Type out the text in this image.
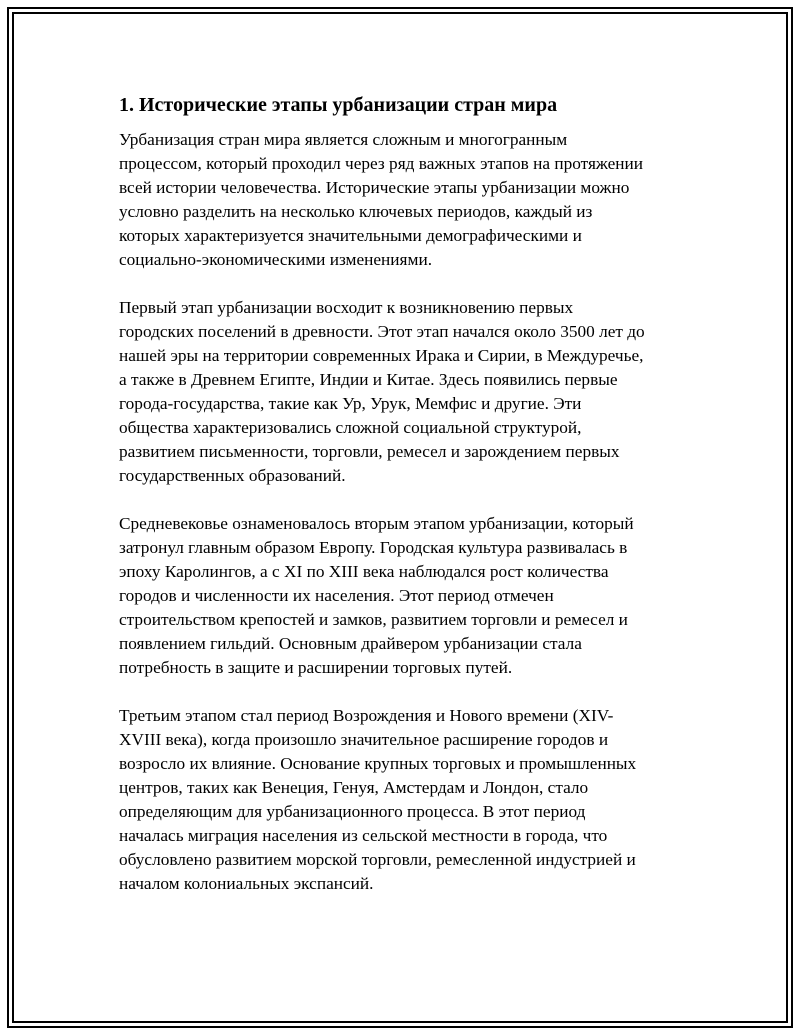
1. Исторические этапы урбанизации стран мира
Урбанизация стран мира является сложным и многогранным
процессом, который проходил через ряд важных этапов на протяжении
всей истории человечества. Исторические этапы урбанизации можно
условно разделить на несколько ключевых периодов, каждый из
которых характеризуется значительными демографическими и
социально-экономическими изменениями.
Первый этап урбанизации восходит к возникновению первых
городских поселений в древности. Этот этап начался около 3500 лет до
нашей эры на территории современных Ирака и Сирии, в Междуречье,
а также в Древнем Египте, Индии и Китае. Здесь появились первые
города-государства, такие как Ур, Урук, Мемфис и другие. Эти
общества характеризовались сложной социальной структурой,
развитием письменности, торговли, ремесел и зарождением первых
государственных образований.
Средневековье ознаменовалось вторым этапом урбанизации, который
затронул главным образом Европу. Городская культура развивалась в
эпоху Каролингов, а с XI по XIII века наблюдался рост количества
городов и численности их населения. Этот период отмечен
строительством крепостей и замков, развитием торговли и ремесел и
появлением гильдий. Основным драйвером урбанизации стала
потребность в защите и расширении торговых путей.
Третьим этапом стал период Возрождения и Нового времени (XIV-
XVIII века), когда произошло значительное расширение городов и
возросло их влияние. Основание крупных торговых и промышленных
центров, таких как Венеция, Генуя, Амстердам и Лондон, стало
определяющим для урбанизационного процесса. В этот период
началась миграция населения из сельской местности в города, что
обусловлено развитием морской торговли, ремесленной индустрией и
началом колониальных экспансий.
